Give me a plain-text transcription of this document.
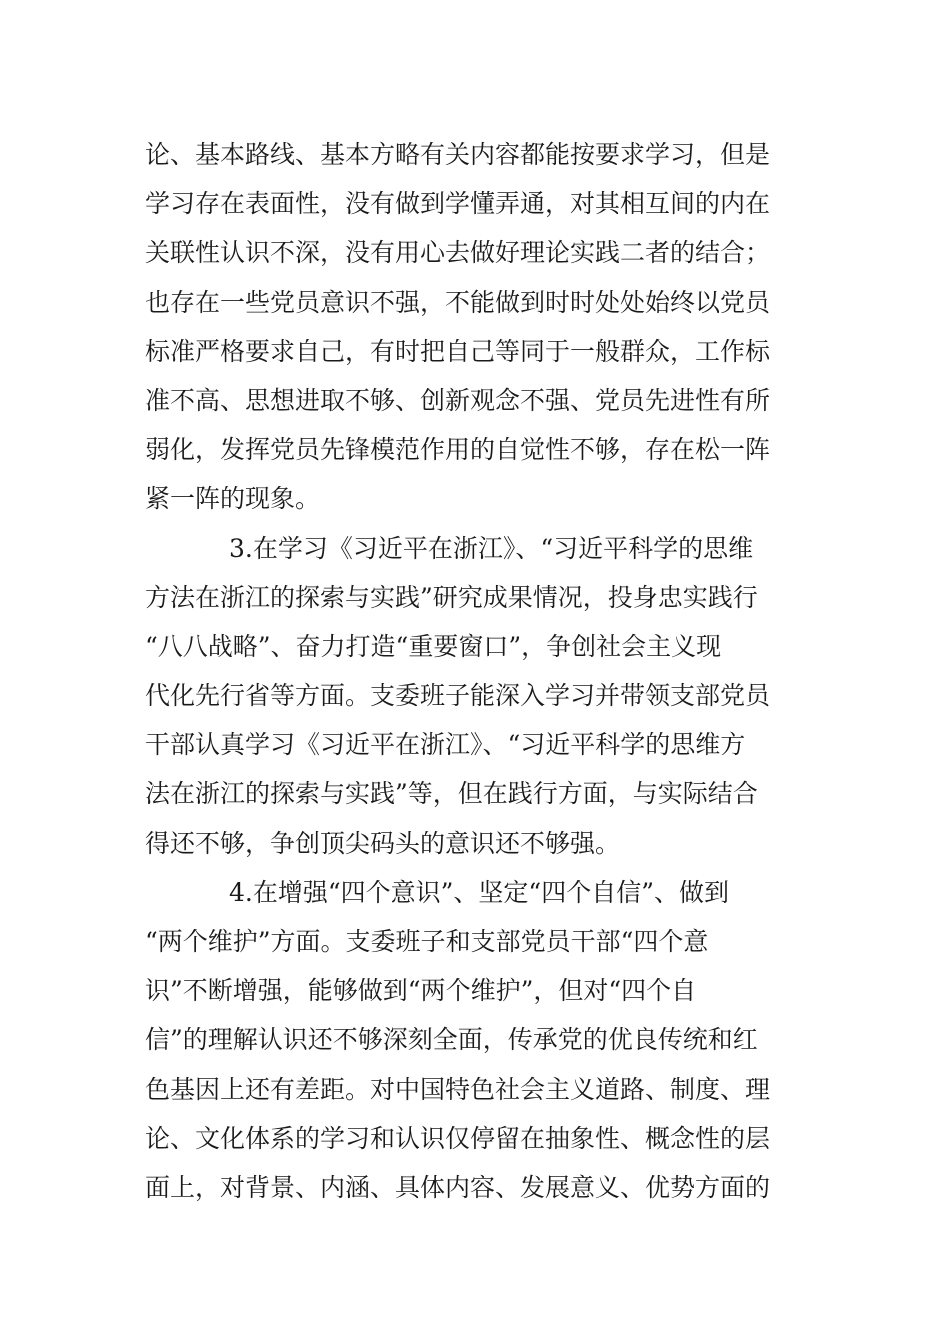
论、基本路线、基本方略有关内容都能按要求学习，但是
学习存在表面性，没有做到学懂弄通，对其相互间的内在
关联性认识不深，没有用心去做好理论实践二者的结合；
也存在一些党员意识不强，不能做到时时处处始终以党员
标准严格要求自己，有时把自己等同于一般群众，工作标
准不高、思想进取不够、创新观念不强、党员先进性有所
弱化，发挥党员先锋模范作用的自觉性不够，存在松一阵
紧一阵的现象。
3.在学习《习近平在浙江》、“习近平科学的思维
方法在浙江的探索与实践”研究成果情况，投身忠实践行
“八八战略”、奋力打造“重要窗口”，争创社会主义现
代化先行省等方面。支委班子能深入学习并带领支部党员
干部认真学习《习近平在浙江》、“习近平科学的思维方
法在浙江的探索与实践”等，但在践行方面，与实际结合
得还不够，争创顶尖码头的意识还不够强。
4.在增强“四个意识”、坚定“四个自信”、做到
“两个维护”方面。支委班子和支部党员干部“四个意
识”不断增强，能够做到“两个维护”，但对“四个自
信”的理解认识还不够深刻全面，传承党的优良传统和红
色基因上还有差距。对中国特色社会主义道路、制度、理
论、文化体系的学习和认识仅停留在抽象性、概念性的层
面上，对背景、内涵、具体内容、发展意义、优势方面的
